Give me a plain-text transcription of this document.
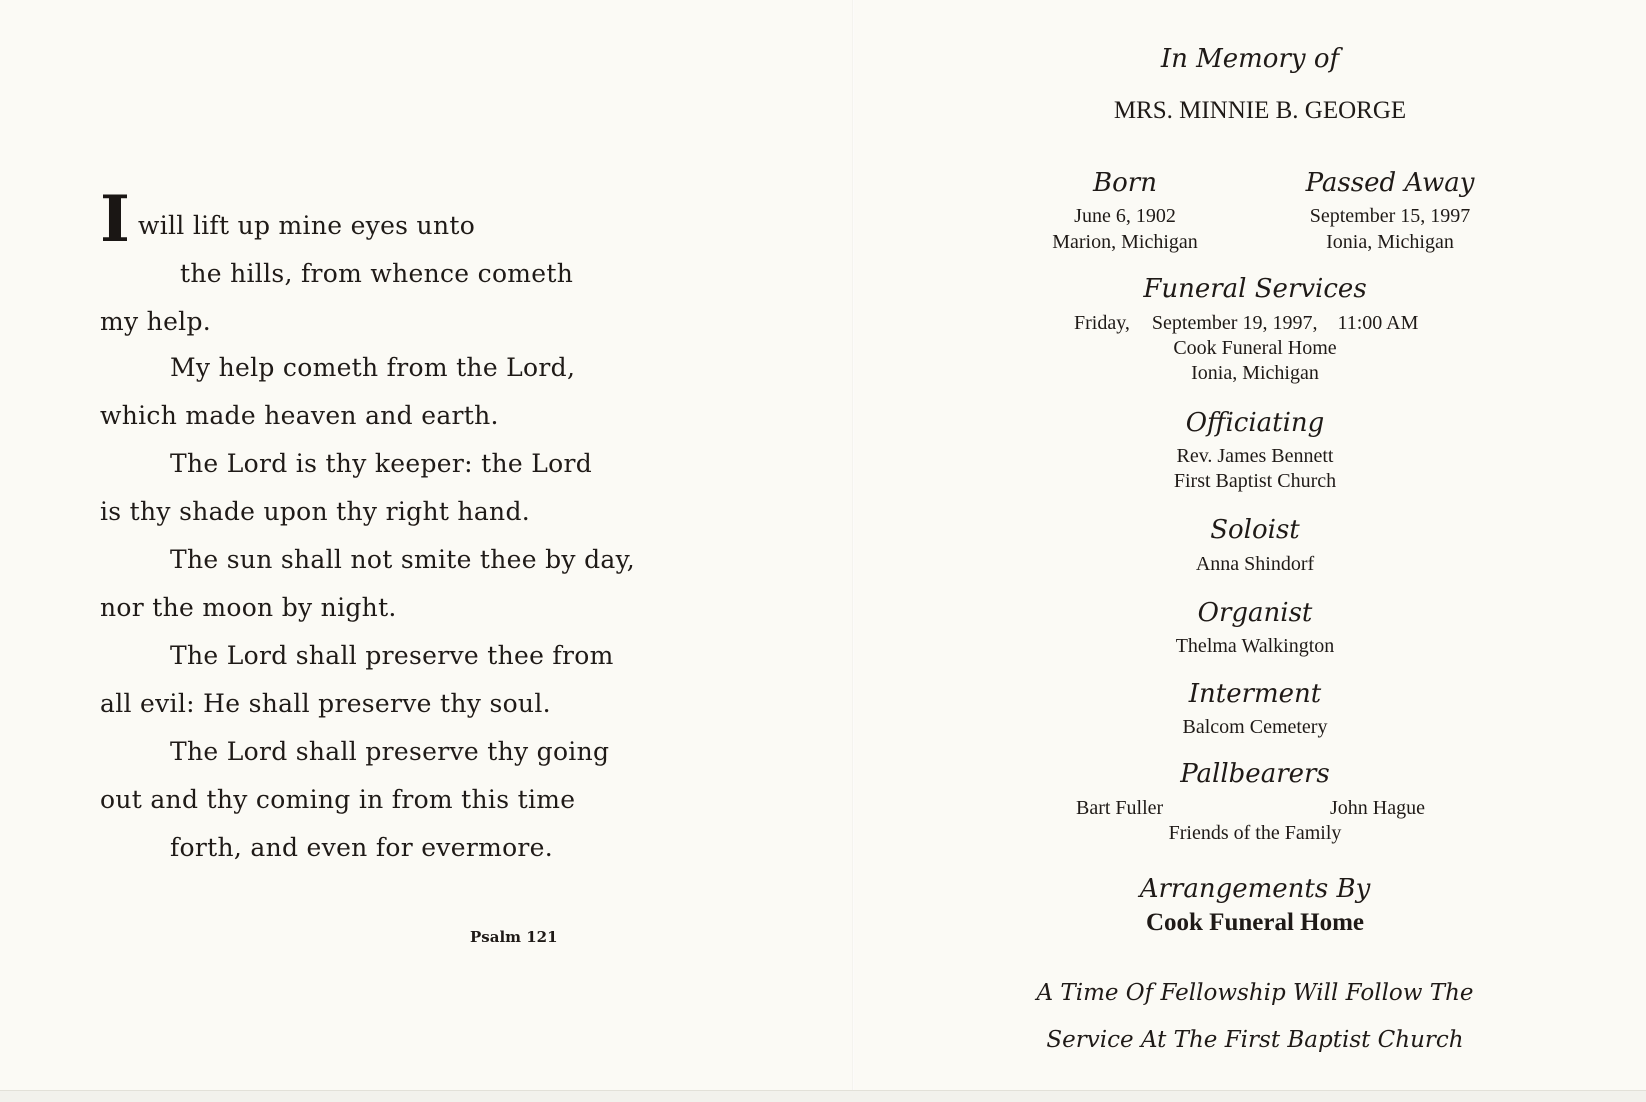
I will lift up mine eyes unto
the hills, from whence cometh
my help.
My help cometh from the Lord,
which made heaven and earth.
The Lord is thy keeper: the Lord
is thy shade upon thy right hand.
The sun shall not smite thee by day,
nor the moon by night.
The Lord shall preserve thee from
all evil: He shall preserve thy soul.
The Lord shall preserve thy going
out and thy coming in from this time
forth, and even for evermore.
Psalm 121
In Memory of
MRS. MINNIE B. GEORGE
Born
June 6, 1902
Marion, Michigan
Passed Away
September 15, 1997
Ionia, Michigan
Funeral Services
Friday, September 19, 1997, 11:00 AM
Cook Funeral Home
Ionia, Michigan
Officiating
Rev. James Bennett
First Baptist Church
Soloist
Anna Shindorf
Organist
Thelma Walkington
Interment
Balcom Cemetery
Pallbearers
Bart Fuller	John Hague
Friends of the Family
Arrangements By
Cook Funeral Home
A Time Of Fellowship Will Follow The
Service At The First Baptist Church
